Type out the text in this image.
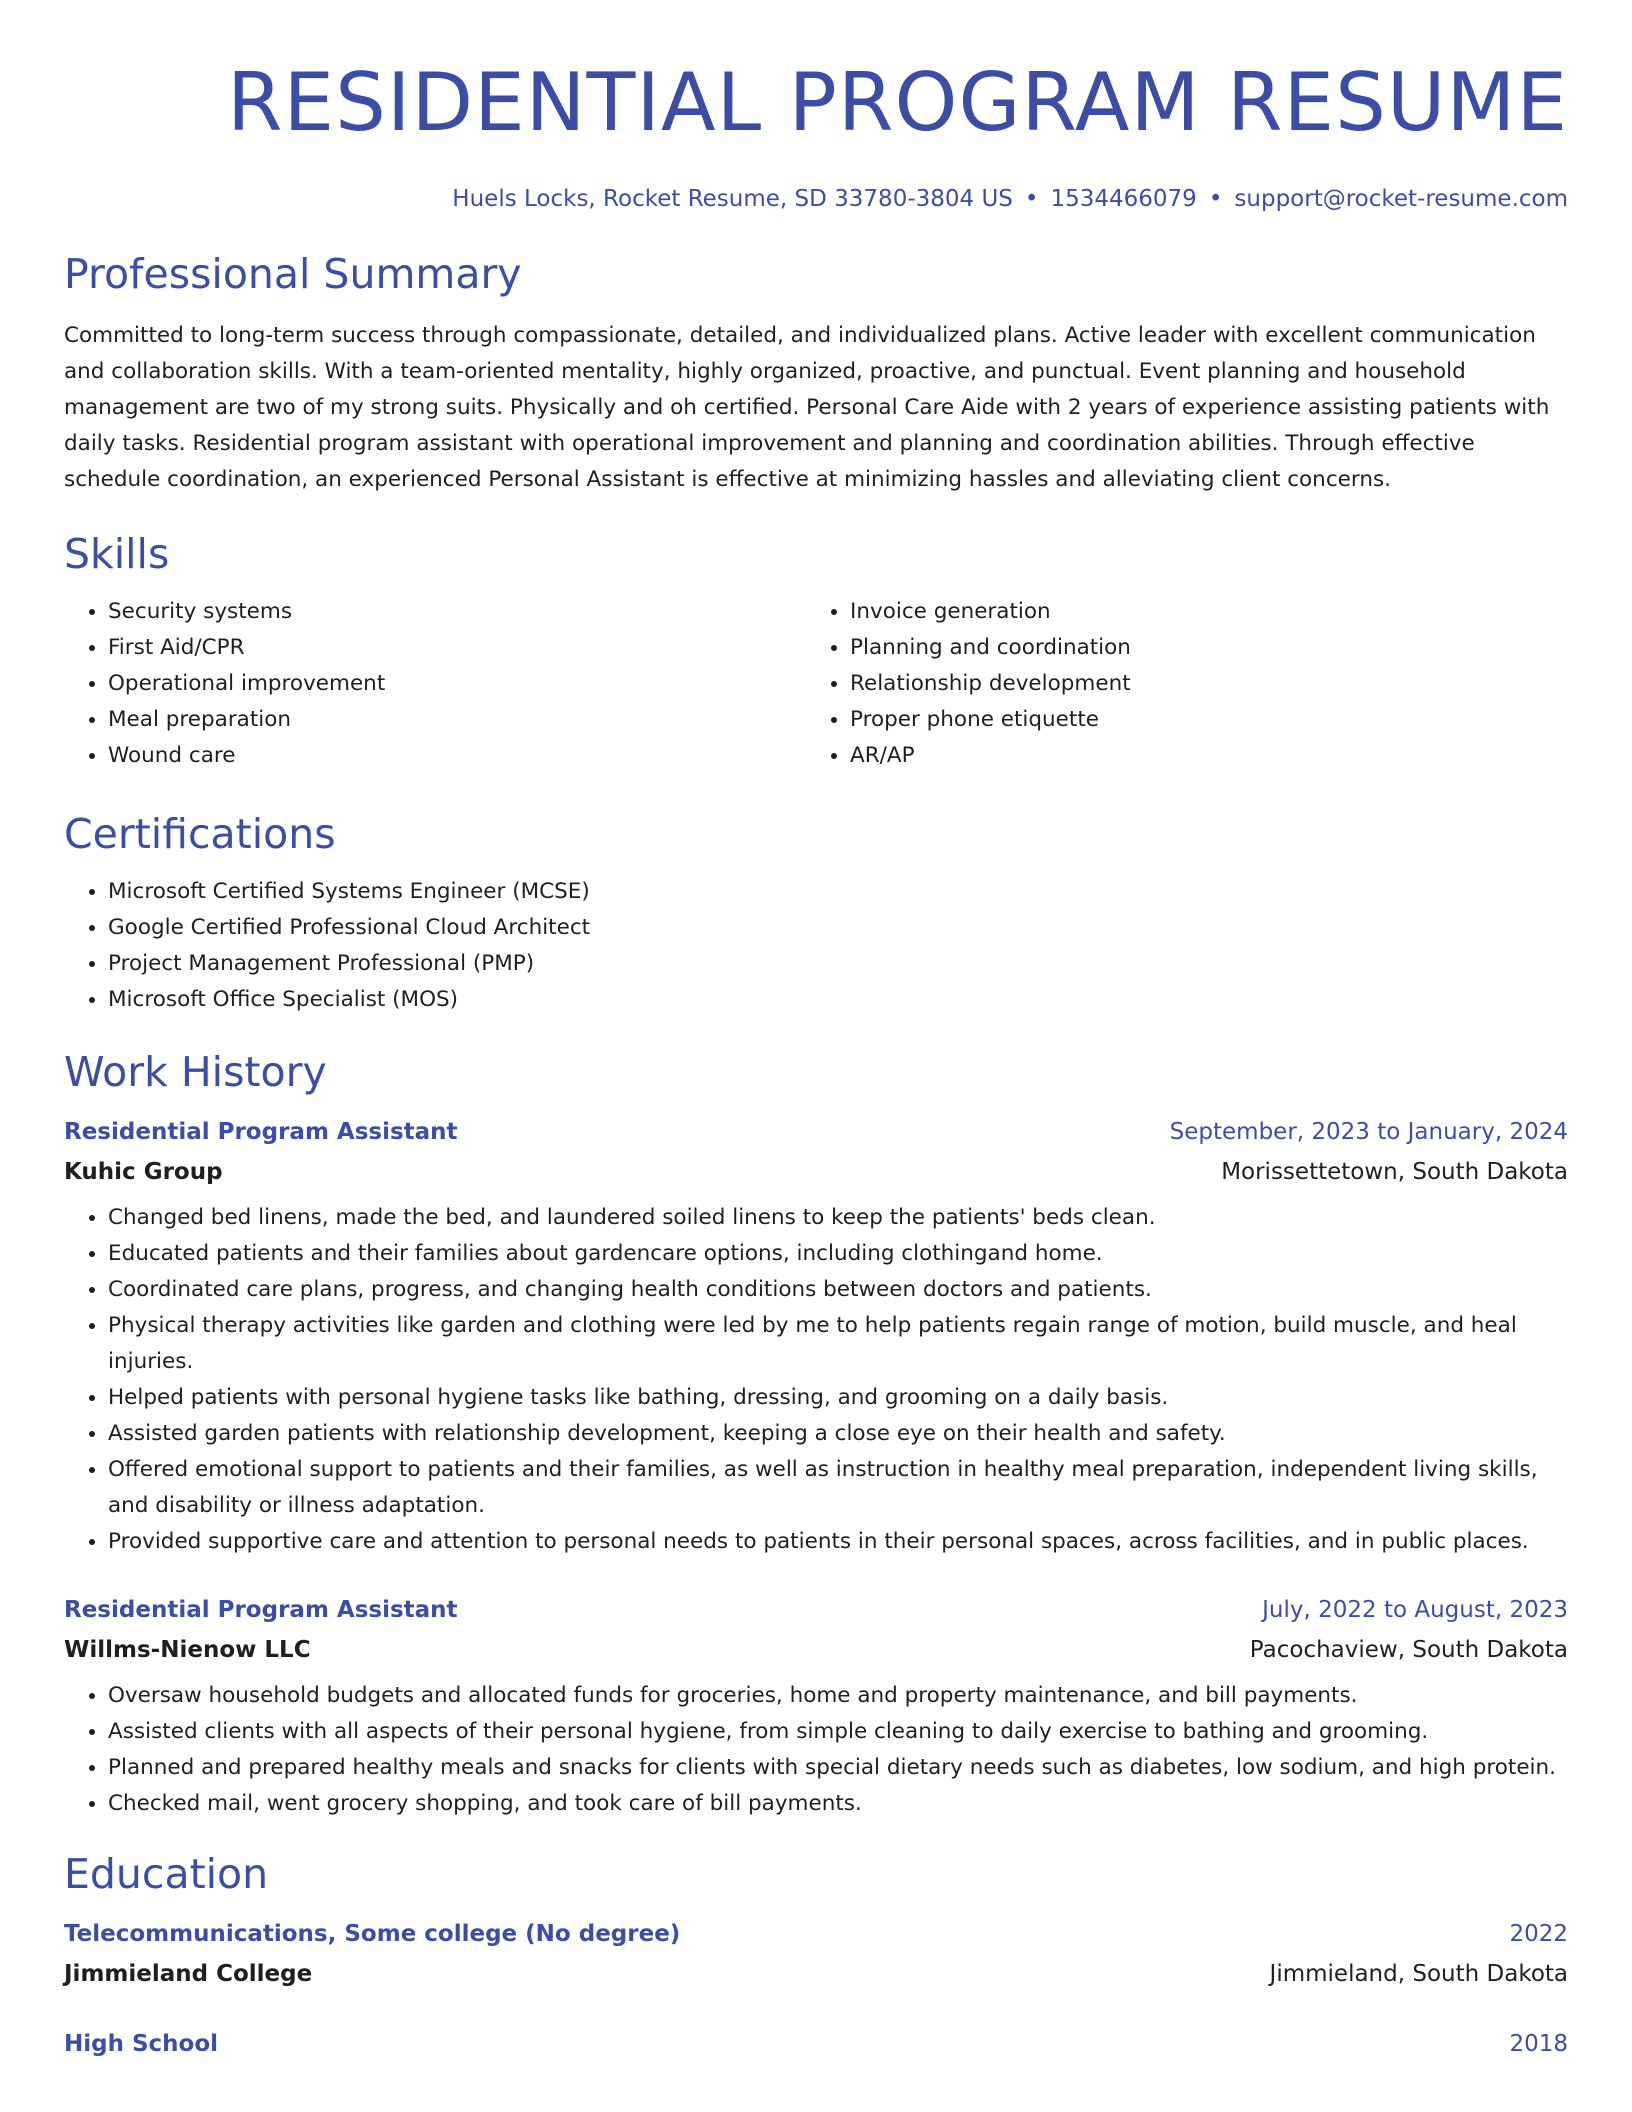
RESIDENTIAL PROGRAM RESUME
Huels Locks, Rocket Resume, SD 33780-3804 US • 1534466079 • support@rocket-resume.com
Professional Summary
Committed to long-term success through compassionate, detailed, and individualized plans. Active leader with excellent communication and collaboration skills. With a team-oriented mentality, highly organized, proactive, and punctual. Event planning and household management are two of my strong suits. Physically and oh certified. Personal Care Aide with 2 years of experience assisting patients with daily tasks. Residential program assistant with operational improvement and planning and coordination abilities. Through effective schedule coordination, an experienced Personal Assistant is effective at minimizing hassles and alleviating client concerns.
Skills
• Security systems
• First Aid/CPR
• Operational improvement
• Meal preparation
• Wound care
• Invoice generation
• Planning and coordination
• Relationship development
• Proper phone etiquette
• AR/AP
Certifications
• Microsoft Certified Systems Engineer (MCSE)
• Google Certified Professional Cloud Architect
• Project Management Professional (PMP)
• Microsoft Office Specialist (MOS)
Work History
Residential Program Assistant	September, 2023 to January, 2024
Kuhic Group	Morissettetown, South Dakota
• Changed bed linens, made the bed, and laundered soiled linens to keep the patients' beds clean.
• Educated patients and their families about gardencare options, including clothingand home.
• Coordinated care plans, progress, and changing health conditions between doctors and patients.
• Physical therapy activities like garden and clothing were led by me to help patients regain range of motion, build muscle, and heal injuries.
• Helped patients with personal hygiene tasks like bathing, dressing, and grooming on a daily basis.
• Assisted garden patients with relationship development, keeping a close eye on their health and safety.
• Offered emotional support to patients and their families, as well as instruction in healthy meal preparation, independent living skills, and disability or illness adaptation.
• Provided supportive care and attention to personal needs to patients in their personal spaces, across facilities, and in public places.
Residential Program Assistant	July, 2022 to August, 2023
Willms-Nienow LLC	Pacochaview, South Dakota
• Oversaw household budgets and allocated funds for groceries, home and property maintenance, and bill payments.
• Assisted clients with all aspects of their personal hygiene, from simple cleaning to daily exercise to bathing and grooming.
• Planned and prepared healthy meals and snacks for clients with special dietary needs such as diabetes, low sodium, and high protein.
• Checked mail, went grocery shopping, and took care of bill payments.
Education
Telecommunications, Some college (No degree)	2022
Jimmieland College	Jimmieland, South Dakota
High School	2018
